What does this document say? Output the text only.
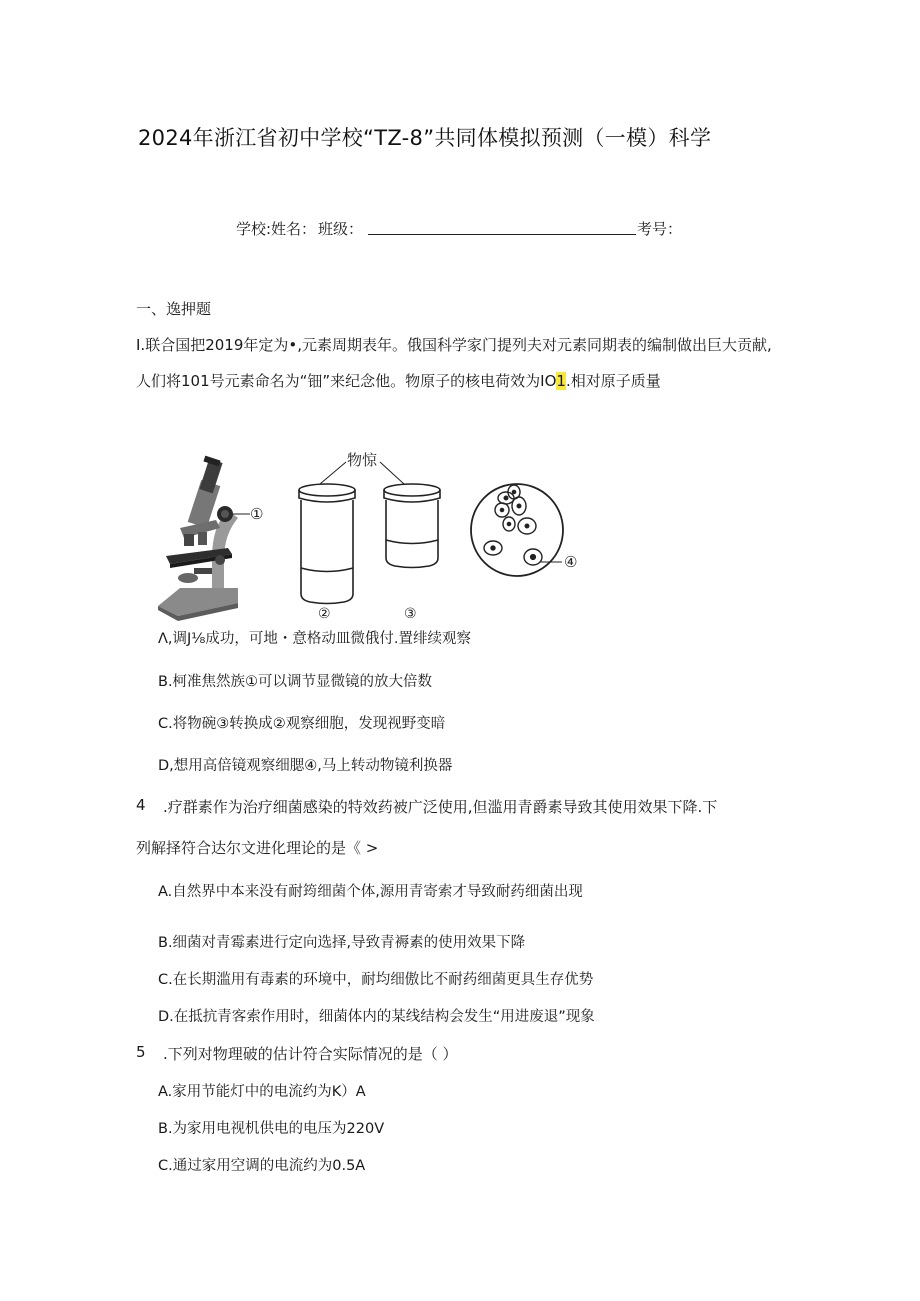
2024年浙江省初中学校“TZ-8”共同体模拟预测（一模）科学
学校:姓名： 班级：	考号：
一、逸押题
I.联合国把2019年定为•,元素周期表年。俄国科学家门提列夫对元素同期表的编制做出巨大贡献,
人们将101号元素命名为“钿”来纪念他。物原子的核电荷效为IO1.相对原子质量
①
物惊
②	③
④
Λ,调J⅛成功，可地・意格动皿微俄付.置绯续观察
B.柯准焦然族①可以调节显微镜的放大倍数
C.将物碗③转换成②观察细胞，发现视野变暗
D,想用高倍镜观察细腮④,马上转动物镜利换器
4 .疗群素作为治疗细菌感染的特效药被广泛使用,但滥用青爵素导致其使用效果下降.下
列解择符合达尔文进化理论的是《 >
A.自然界中本来没有耐筠细菌个体,源用青寄索才导致耐药细菌出现
B.细菌对青霉素进行定向选择,导致青褥素的使用效果下降
C.在长期滥用有毒素的环境中，耐均细傲比不耐药细菌更具生存优势
D.在抵抗青客索作用时，细菌体内的某线结构会发生“用进废退”现象
5 .下列对物理破的估计符合实际情况的是（ ）
A.家用节能灯中的电流约为K）A
B.为家用电视机供电的电压为220V
C.通过家用空调的电流约为0.5A
